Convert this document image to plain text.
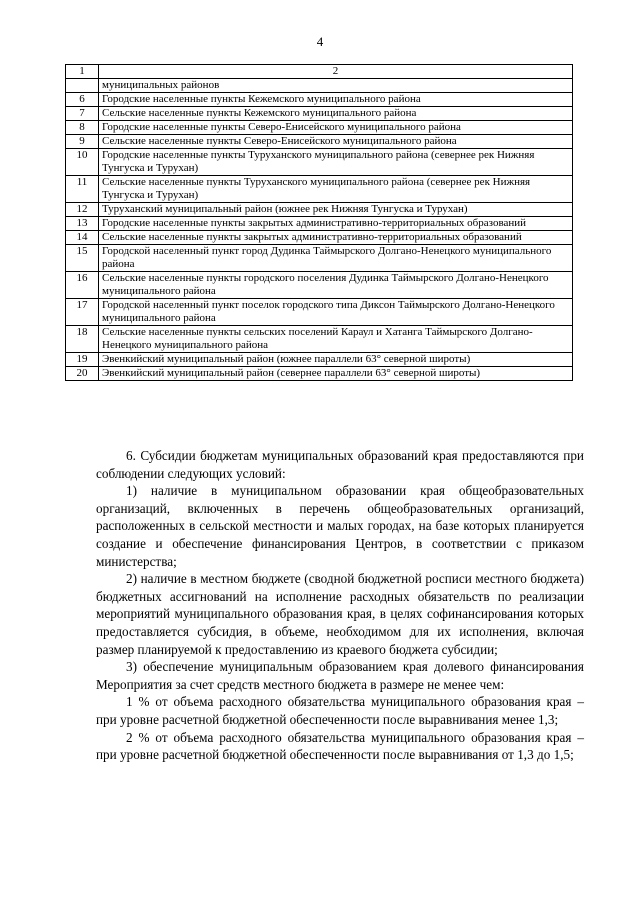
4
1	2
	муниципальных районов
6	Городские населенные пункты Кежемского муниципального района
7	Сельские населенные пункты Кежемского муниципального района
8	Городские населенные пункты Северо-Енисейского муниципального района
9	Сельские населенные пункты Северо-Енисейского муниципального района
10	Городские населенные пункты Туруханского муниципального района (севернее рек Нижняя Тунгуска и Турухан)
11	Сельские населенные пункты Туруханского муниципального района (севернее рек Нижняя Тунгуска и Турухан)
12	Туруханский муниципальный район (южнее рек Нижняя Тунгуска и Турухан)
13	Городские населенные пункты закрытых административно-территориальных образований
14	Сельские населенные пункты закрытых административно-территориальных образований
15	Городской населенный пункт город Дудинка Таймырского Долгано-Ненецкого муниципального района
16	Сельские населенные пункты городского поселения Дудинка Таймырского Долгано-Ненецкого муниципального района
17	Городской населенный пункт поселок городского типа Диксон Таймырского Долгано-Ненецкого муниципального района
18	Сельские населенные пункты сельских поселений Караул и Хатанга Таймырского Долгано-Ненецкого муниципального района
19	Эвенкийский муниципальный район (южнее параллели 63° северной широты)
20	Эвенкийский муниципальный район (севернее параллели 63° северной широты)

6. Субсидии бюджетам муниципальных образований края предоставляются при соблюдении следующих условий:

1) наличие в муниципальном образовании края общеобразовательных организаций, включенных в перечень общеобразовательных организаций, расположенных в сельской местности и малых городах, на базе которых планируется создание и обеспечение финансирования Центров, в соответствии с приказом министерства;

2) наличие в местном бюджете (сводной бюджетной росписи местного бюджета) бюджетных ассигнований на исполнение расходных обязательств по реализации мероприятий муниципального образования края, в целях софинансирования которых предоставляется субсидия, в объеме, необходимом для их исполнения, включая размер планируемой к предоставлению из краевого бюджета субсидии;

3) обеспечение муниципальным образованием края долевого финансирования Мероприятия за счет средств местного бюджета в размере не менее чем:

1 % от объема расходного обязательства муниципального образования края – при уровне расчетной бюджетной обеспеченности после выравнивания менее 1,3;

2 % от объема расходного обязательства муниципального образования края – при уровне расчетной бюджетной обеспеченности после выравнивания от 1,3 до 1,5;
